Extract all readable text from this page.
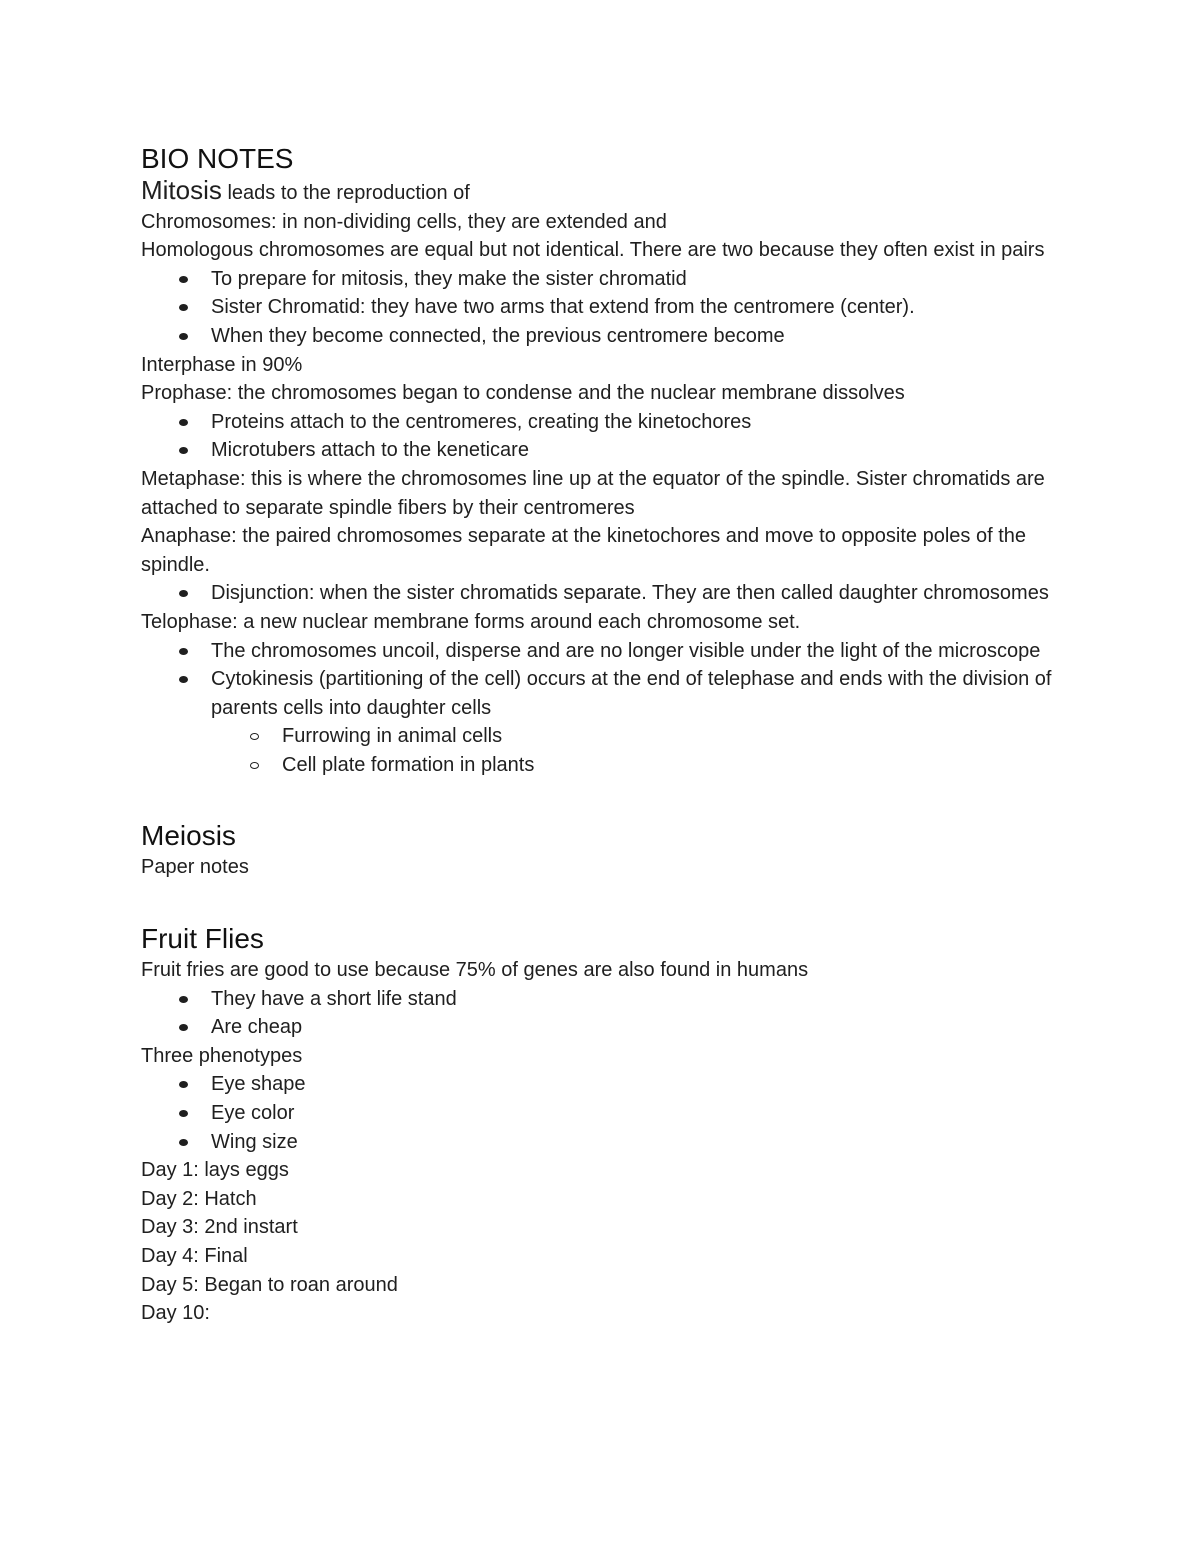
BIO NOTES

Mitosis leads to the reproduction of

Chromosomes: in non-dividing cells, they are extended and

Homologous chromosomes are equal but not identical. There are two because they often exist in pairs

To prepare for mitosis, they make the sister chromatid
Sister Chromatid: they have two arms that extend from the centromere (center).
When they become connected, the previous centromere become

Interphase in 90%

Prophase: the chromosomes began to condense and the nuclear membrane dissolves

Proteins attach to the centromeres, creating the kinetochores
Microtubers attach to the keneticare

Metaphase: this is where the chromosomes line up at the equator of the spindle. Sister chromatids are attached to separate spindle fibers by their centromeres

Anaphase: the paired chromosomes separate at the kinetochores and move to opposite poles of the spindle.

Disjunction: when the sister chromatids separate. They are then called daughter chromosomes

Telophase: a new nuclear membrane forms around each chromosome set.

The chromosomes uncoil, disperse and are no longer visible under the light of the microscope
Cytokinesis (partitioning of the cell) occurs at the end of telephase and ends with the division of parents cells into daughter cells
Furrowing in animal cells
Cell plate formation in plants
Meiosis

Paper notes

Fruit Flies

Fruit fries are good to use because 75% of genes are also found in humans

They have a short life stand
Are cheap

Three phenotypes

Eye shape
Eye color
Wing size

Day 1: lays eggs

Day 2: Hatch

Day 3: 2nd instart

Day 4: Final

Day 5: Began to roan around

Day 10:
